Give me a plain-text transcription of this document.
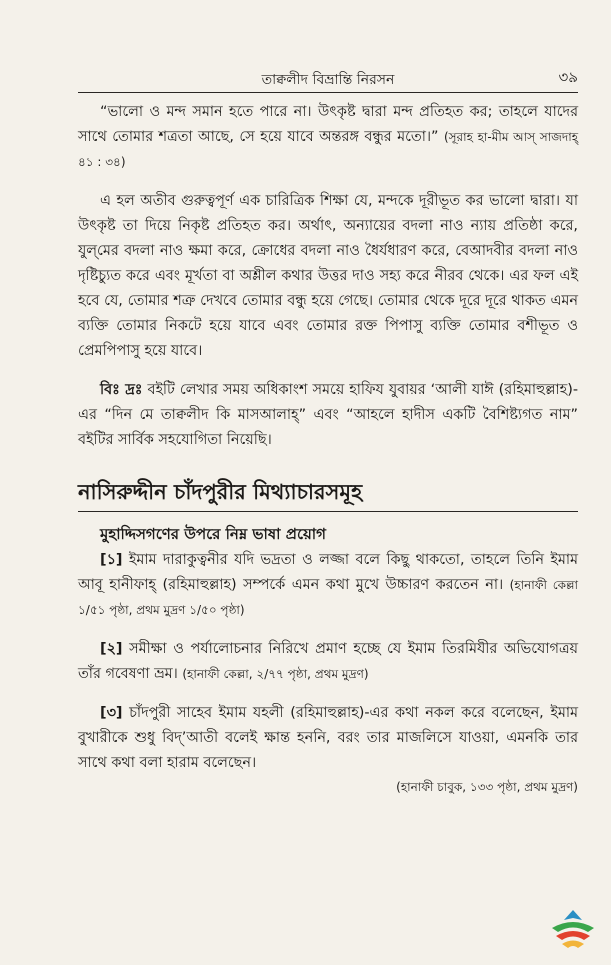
তাক্বলীদ বিভ্রান্তি নিরসন	৩৯

“ভালো ও মন্দ সমান হতে পারে না। উৎকৃষ্ট দ্বারা মন্দ প্রতিহত কর; তাহলে যাদের সাথে তোমার শত্রতা আছে, সে হয়ে যাবে অন্তরঙ্গ বন্ধুর মতো।” (সূরাহ হা-মীম আস্ সাজদাহ্ ৪১ : ৩৪)

এ হল অতীব গুরুত্বপূর্ণ এক চারিত্রিক শিক্ষা যে, মন্দকে দূরীভূত কর ভালো দ্বারা। যা উৎকৃষ্ট তা দিয়ে নিকৃষ্ট প্রতিহত কর। অর্থাৎ, অন্যায়ের বদলা নাও ন্যায় প্রতিষ্ঠা করে, যুল্‌মের বদলা নাও ক্ষমা করে, ক্রোধের বদলা নাও ধৈর্যধারণ করে, বেআদবীর বদলা নাও দৃষ্টিচ্যুত করে এবং মূর্খতা বা অশ্লীল কথার উত্তর দাও সহ্য করে নীরব থেকে। এর ফল এই হবে যে, তোমার শত্রু দেখবে তোমার বন্ধু হয়ে গেছে। তোমার থেকে দূরে দূরে থাকত এমন ব্যক্তি তোমার নিকটে হয়ে যাবে এবং তোমার রক্ত পিপাসু ব্যক্তি তোমার বশীভূত ও প্রেমপিপাসু হয়ে যাবে।

বিঃ দ্রঃ বইটি লেখার সময় অধিকাংশ সময়ে হাফিয যুবায়র ‘আলী যাঈ (রহিমাহুল্লাহ)-এর “দিন মে তাক্বলীদ কি মাসআলাহ্‌” এবং “আহলে হাদীস একটি বৈশিষ্ট্যগত নাম” বইটির সার্বিক সহযোগিতা নিয়েছি।

নাসিরুদ্দীন চাঁদপুরীর মিথ্যাচারসমূহ
মুহাদ্দিসগণের উপরে নিম্ন ভাষা প্রয়োগ

[১] ইমাম দারাকুত্বনীর যদি ভদ্রতা ও লজ্জা বলে কিছু থাকতো, তাহলে তিনি ইমাম আবূ হানীফাহ্‌ (রহিমাহুল্লাহ) সম্পর্কে এমন কথা মুখে উচ্চারণ করতেন না। (হানাফী কেল্লা ১/৫১ পৃষ্ঠা, প্রথম মুদ্রণ ১/৫০ পৃষ্ঠা)

[২] সমীক্ষা ও পর্যালোচনার নিরিখে প্রমাণ হচ্ছে যে ইমাম তিরমিযীর অভিযোগত্রয় তাঁর গবেষণা ভ্রম। (হানাফী কেল্লা, ২/৭৭ পৃষ্ঠা, প্রথম মুদ্রণ)

[৩] চাঁদপুরী সাহেব ইমাম যহলী (রহিমাহুল্লাহ)-এর কথা নকল করে বলেছেন, ইমাম বুখারীকে শুধু বিদ্‌’আতী বলেই ক্ষান্ত হননি, বরং তার মাজলিসে যাওয়া, এমনকি তার সাথে কথা বলা হারাম বলেছেন।

(হানাফী চাবুক, ১৩৩ পৃষ্ঠা, প্রথম মুদ্রণ)
